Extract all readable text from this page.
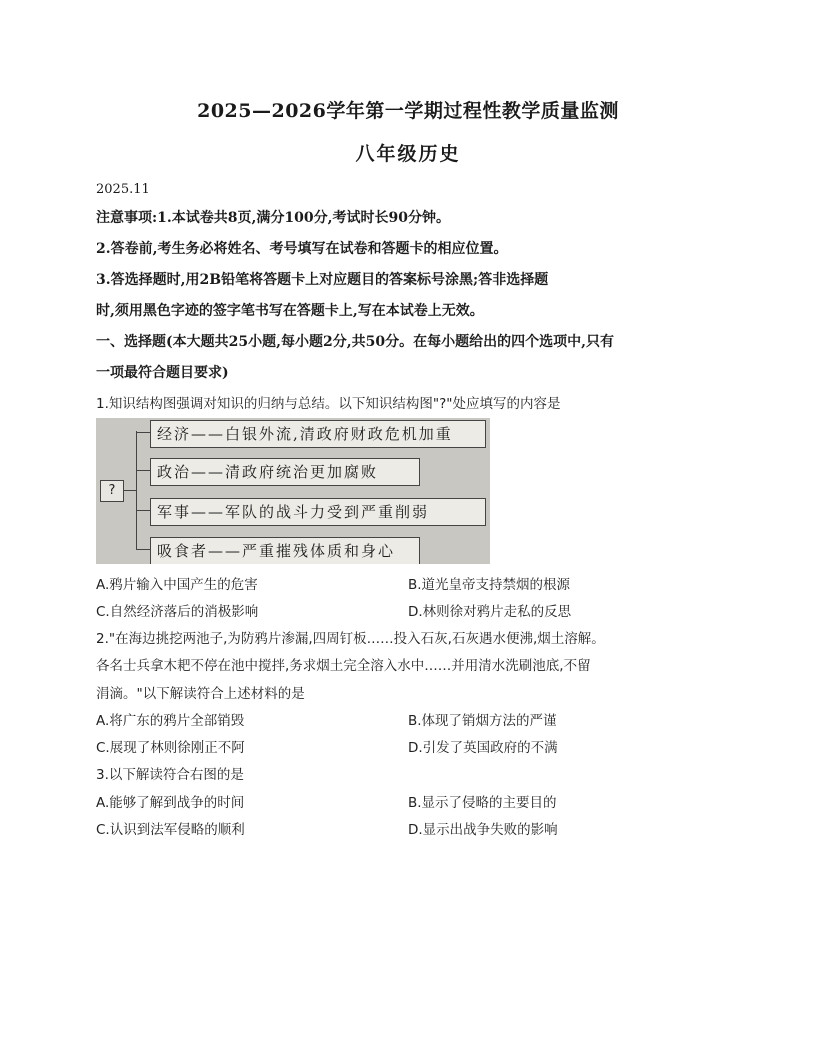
2025—2026学年第一学期过程性教学质量监测
八年级历史
2025.11
注意事项:1.本试卷共8页,满分100分,考试时长90分钟。
2.答卷前,考生务必将姓名、考号填写在试卷和答题卡的相应位置。
3.答选择题时,用2B铅笔将答题卡上对应题目的答案标号涂黑;答非选择题
时,须用黑色字迹的签字笔书写在答题卡上,写在本试卷上无效。
一、选择题(本大题共25小题,每小题2分,共50分。在每小题给出的四个选项中,只有
一项最符合题目要求)
1.知识结构图强调对知识的归纳与总结。以下知识结构图"?"处应填写的内容是
?
经济——白银外流,清政府财政危机加重
政治——清政府统治更加腐败
军事——军队的战斗力受到严重削弱
吸食者——严重摧残体质和身心
A.鸦片输入中国产生的危害	B.道光皇帝支持禁烟的根源
C.自然经济落后的消极影响	D.林则徐对鸦片走私的反思
2."在海边挑挖两池子,为防鸦片渗漏,四周钉板……投入石灰,石灰遇水便沸,烟土溶解。
各名士兵拿木耙不停在池中搅拌,务求烟土完全溶入水中……并用清水洗刷池底,不留
涓滴。"以下解读符合上述材料的是
A.将广东的鸦片全部销毁	B.体现了销烟方法的严谨
C.展现了林则徐刚正不阿	D.引发了英国政府的不满
3.以下解读符合右图的是
A.能够了解到战争的时间	B.显示了侵略的主要目的
C.认识到法军侵略的顺利	D.显示出战争失败的影响
